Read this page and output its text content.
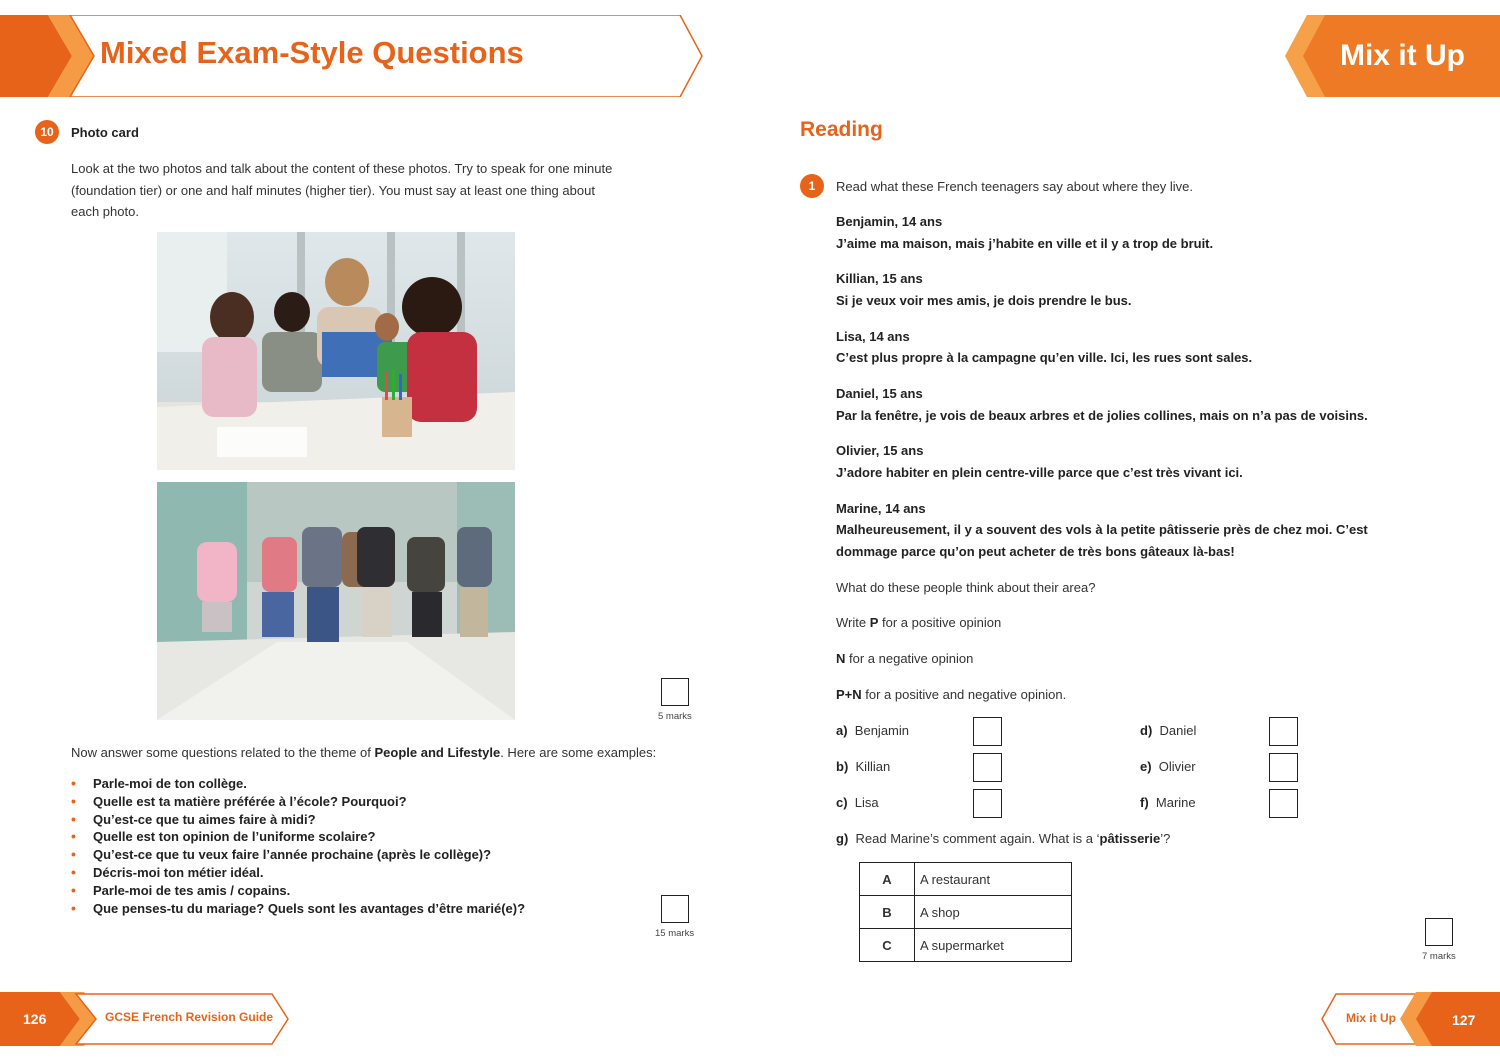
Mixed Exam-Style Questions	Mix it Up
10	Photo card
Look at the two photos and talk about the content of these photos. Try to speak for one minute
(foundation tier) or one and half minutes (higher tier). You must say at least one thing about
each photo.
5 marks
Now answer some questions related to the theme of People and Lifestyle. Here are some examples:
• Parle-moi de ton collège.
• Quelle est ta matière préférée à l’école? Pourquoi?
• Qu’est-ce que tu aimes faire à midi?
• Quelle est ton opinion de l’uniforme scolaire?
• Qu’est-ce que tu veux faire l’année prochaine (après le collège)?
• Décris-moi ton métier idéal.
• Parle-moi de tes amis / copains.
• Que penses-tu du mariage? Quels sont les avantages d’être marié(e)?
15 marks
126	GCSE French Revision Guide
Reading
1	Read what these French teenagers say about where they live.
Benjamin, 14 ans
J’aime ma maison, mais j’habite en ville et il y a trop de bruit.
Killian, 15 ans
Si je veux voir mes amis, je dois prendre le bus.
Lisa, 14 ans
C’est plus propre à la campagne qu’en ville. Ici, les rues sont sales.
Daniel, 15 ans
Par la fenêtre, je vois de beaux arbres et de jolies collines, mais on n’a pas de voisins.
Olivier, 15 ans
J’adore habiter en plein centre-ville parce que c’est très vivant ici.
Marine, 14 ans
Malheureusement, il y a souvent des vols à la petite pâtisserie près de chez moi. C’est
dommage parce qu’on peut acheter de très bons gâteaux là-bas!
What do these people think about their area?
Write P for a positive opinion
N for a negative opinion
P+N for a positive and negative opinion.
a) Benjamin
b) Killian
c) Lisa
d) Daniel
e) Olivier
f) Marine
g) Read Marine’s comment again. What is a ‘pâtisserie’?
A	A restaurant
B	A shop
C	A supermarket
7 marks
Mix it Up	127
